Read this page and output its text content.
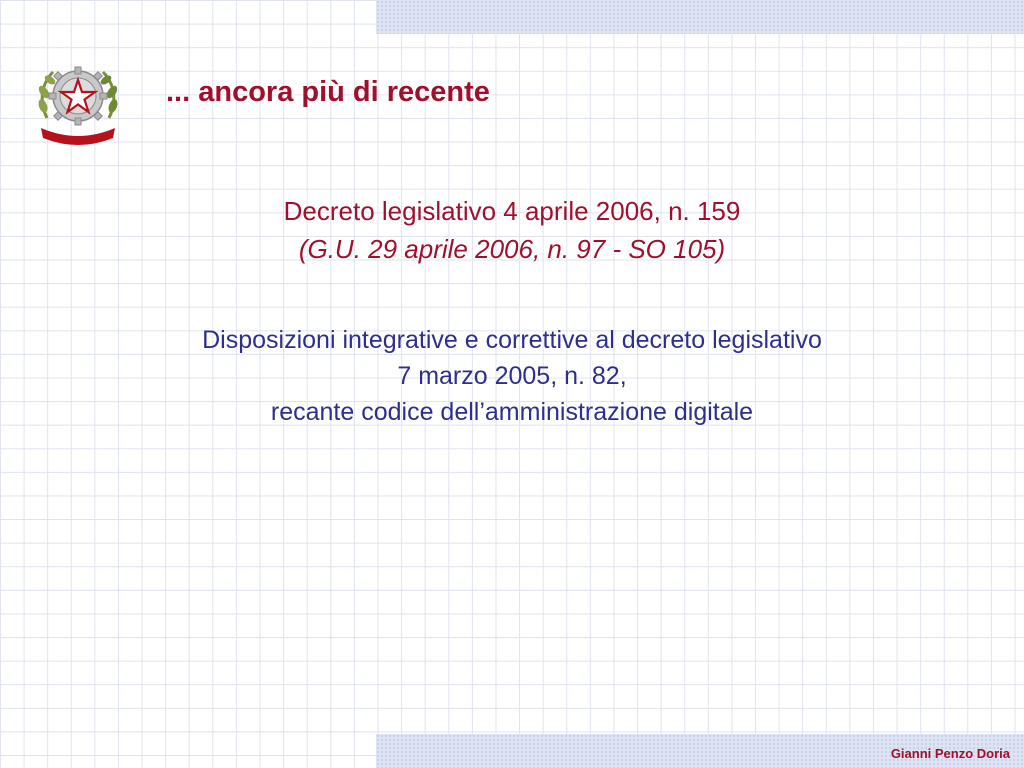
... ancora più di recente
Decreto legislativo 4 aprile 2006, n. 159
(G.U. 29 aprile 2006, n. 97 - SO 105)
Disposizioni integrative e correttive al decreto legislativo
7 marzo 2005, n. 82,
recante codice dell’amministrazione digitale
Gianni Penzo Doria
